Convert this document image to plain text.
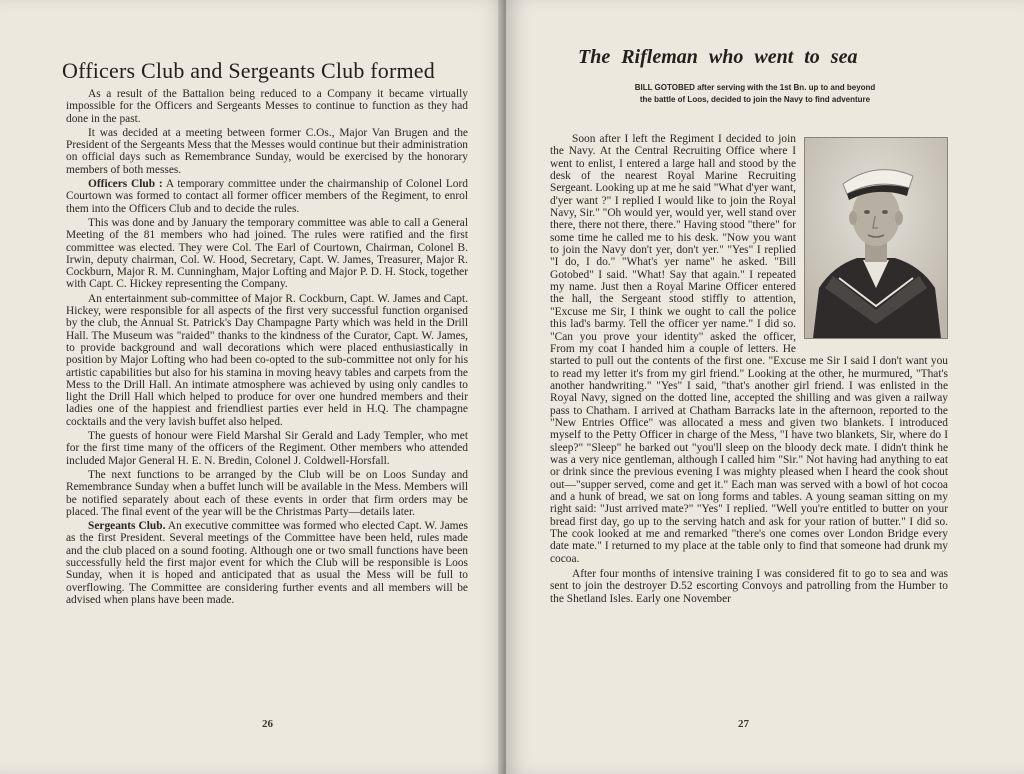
Officers Club and Sergeants Club formed

As a result of the Battalion being reduced to a Company it became virtually impossible for the Officers and Sergeants Messes to continue to function as they had done in the past.

It was decided at a meeting between former C.Os., Major Van Brugen and the President of the Sergeants Mess that the Messes would continue but their administration on official days such as Remembrance Sunday, would be exercised by the honorary members of both messes.

Officers Club : A temporary committee under the chairmanship of Colonel Lord Courtown was formed to contact all former officer members of the Regiment, to enrol them into the Officers Club and to decide the rules.

This was done and by January the temporary committee was able to call a General Meeting of the 81 members who had joined. The rules were ratified and the first committee was elected. They were Col. The Earl of Courtown, Chairman, Colonel B. Irwin, deputy chairman, Col. W. Hood, Secretary, Capt. W. James, Treasurer, Major R. Cockburn, Major R. M. Cunningham, Major Lofting and Major P. D. H. Stock, together with Capt. C. Hickey representing the Company.

An entertainment sub-committee of Major R. Cockburn, Capt. W. James and Capt. Hickey, were responsible for all aspects of the first very successful function organised by the club, the Annual St. Patrick's Day Champagne Party which was held in the Drill Hall. The Museum was "raided" thanks to the kindness of the Curator, Capt. W. James, to provide background and wall decorations which were placed enthusiastically in position by Major Lofting who had been co-opted to the sub-committee not only for his artistic capabilities but also for his stamina in moving heavy tables and carpets from the Mess to the Drill Hall. An intimate atmosphere was achieved by using only candles to light the Drill Hall which helped to produce for over one hundred members and their ladies one of the happiest and friendliest parties ever held in H.Q. The champagne cocktails and the very lavish buffet also helped.

The guests of honour were Field Marshal Sir Gerald and Lady Templer, who met for the first time many of the officers of the Regiment. Other members who attended included Major General H. E. N. Bredin, Colonel J. Coldwell-Horsfall.

The next functions to be arranged by the Club will be on Loos Sunday and Remembrance Sunday when a buffet lunch will be available in the Mess. Members will be notified separately about each of these events in order that firm orders may be placed. The final event of the year will be the Christmas Party—details later.

Sergeants Club. An executive committee was formed who elected Capt. W. James as the first President. Several meetings of the Committee have been held, rules made and the club placed on a sound footing. Although one or two small functions have been successfully held the first major event for which the Club will be responsible is Loos Sunday, when it is hoped and anticipated that as usual the Mess will be full to overflowing. The Committee are considering further events and all members will be advised when plans have been made.

26
The Rifleman who went to sea
BILL GOTOBED after serving with the 1st Bn. up to and beyond
the battle of Loos, decided to join the Navy to find adventure

Soon after I left the Regiment I decided to join the Navy. At the Central Recruiting Office where I went to enlist, I entered a large hall and stood by the desk of the nearest Royal Marine Recruiting Sergeant. Looking up at me he said "What d'yer want, d'yer want ?" I replied I would like to join the Royal Navy, Sir." "Oh would yer, would yer, well stand over there, there not there, there." Having stood "there" for some time he called me to his desk. "Now you want to join the Navy don't yer, don't yer." "Yes" I replied "I do, I do." "What's yer name" he asked. "Bill Gotobed" I said. "What! Say that again." I repeated my name. Just then a Royal Marine Officer entered the hall, the Sergeant stood stiffly to attention, "Excuse me Sir, I think we ought to call the police this lad's barmy. Tell the officer yer name." I did so. "Can you prove your identity" asked the officer, From my coat I handed him a couple of letters. He started to pull out the contents of the first one. "Excuse me Sir I said I don't want you to read my letter it's from my girl friend." Looking at the other, he murmured, "That's another handwriting." "Yes" I said, "that's another girl friend. I was enlisted in the Royal Navy, signed on the dotted line, accepted the shilling and was given a railway pass to Chatham. I arrived at Chatham Barracks late in the afternoon, reported to the "New Entries Office" was allocated a mess and given two blankets. I introduced myself to the Petty Officer in charge of the Mess, "I have two blankets, Sir, where do I sleep?" "Sleep" he barked out "you'll sleep on the bloody deck mate. I didn't think he was a very nice gentleman, although I called him "Sir." Not having had anything to eat or drink since the previous evening I was mighty pleased when I heard the cook shout out—"supper served, come and get it." Each man was served with a bowl of hot cocoa and a hunk of bread, we sat on long forms and tables. A young seaman sitting on my right said: "Just arrived mate?" "Yes" I replied. "Well you're entitled to butter on your bread first day, go up to the serving hatch and ask for your ration of butter." I did so. The cook looked at me and remarked "there's one comes over London Bridge every date mate." I returned to my place at the table only to find that someone had drunk my cocoa.

After four months of intensive training I was considered fit to go to sea and was sent to join the destroyer D.52 escorting Convoys and patrolling from the Humber to the Shetland Isles. Early one November

27
